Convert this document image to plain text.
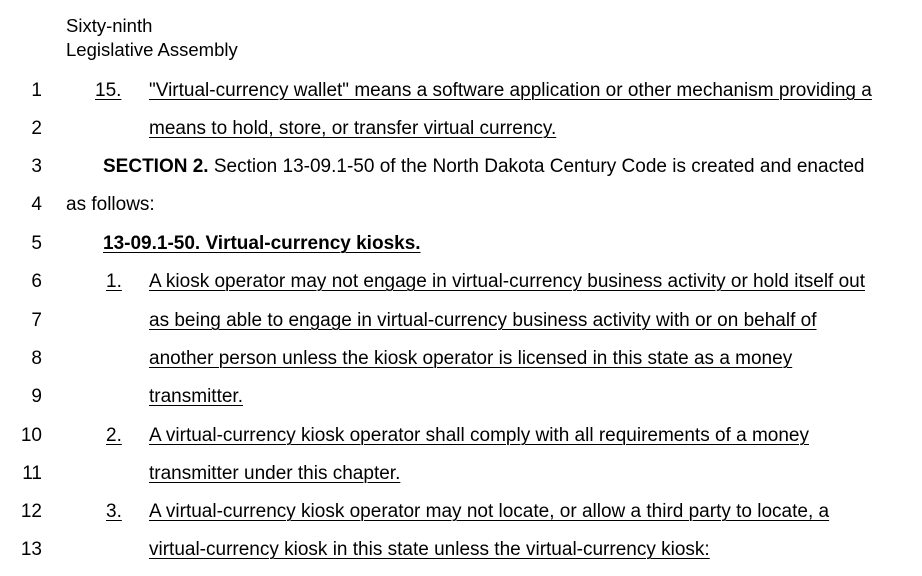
Sixty-ninth
Legislative Assembly
1	15. "Virtual-currency wallet" means a software application or other mechanism providing a
2	means to hold, store, or transfer virtual currency.
3	SECTION 2. Section 13-09.1-50 of the North Dakota Century Code is created and enacted
4 as follows:
5	13-09.1-50. Virtual-currency kiosks.
6	1. A kiosk operator may not engage in virtual-currency business activity or hold itself out
7	as being able to engage in virtual-currency business activity with or on behalf of
8	another person unless the kiosk operator is licensed in this state as a money
9	transmitter.
10	2. A virtual-currency kiosk operator shall comply with all requirements of a money
11	transmitter under this chapter.
12	3. A virtual-currency kiosk operator may not locate, or allow a third party to locate, a
13	virtual-currency kiosk in this state unless the virtual-currency kiosk:
